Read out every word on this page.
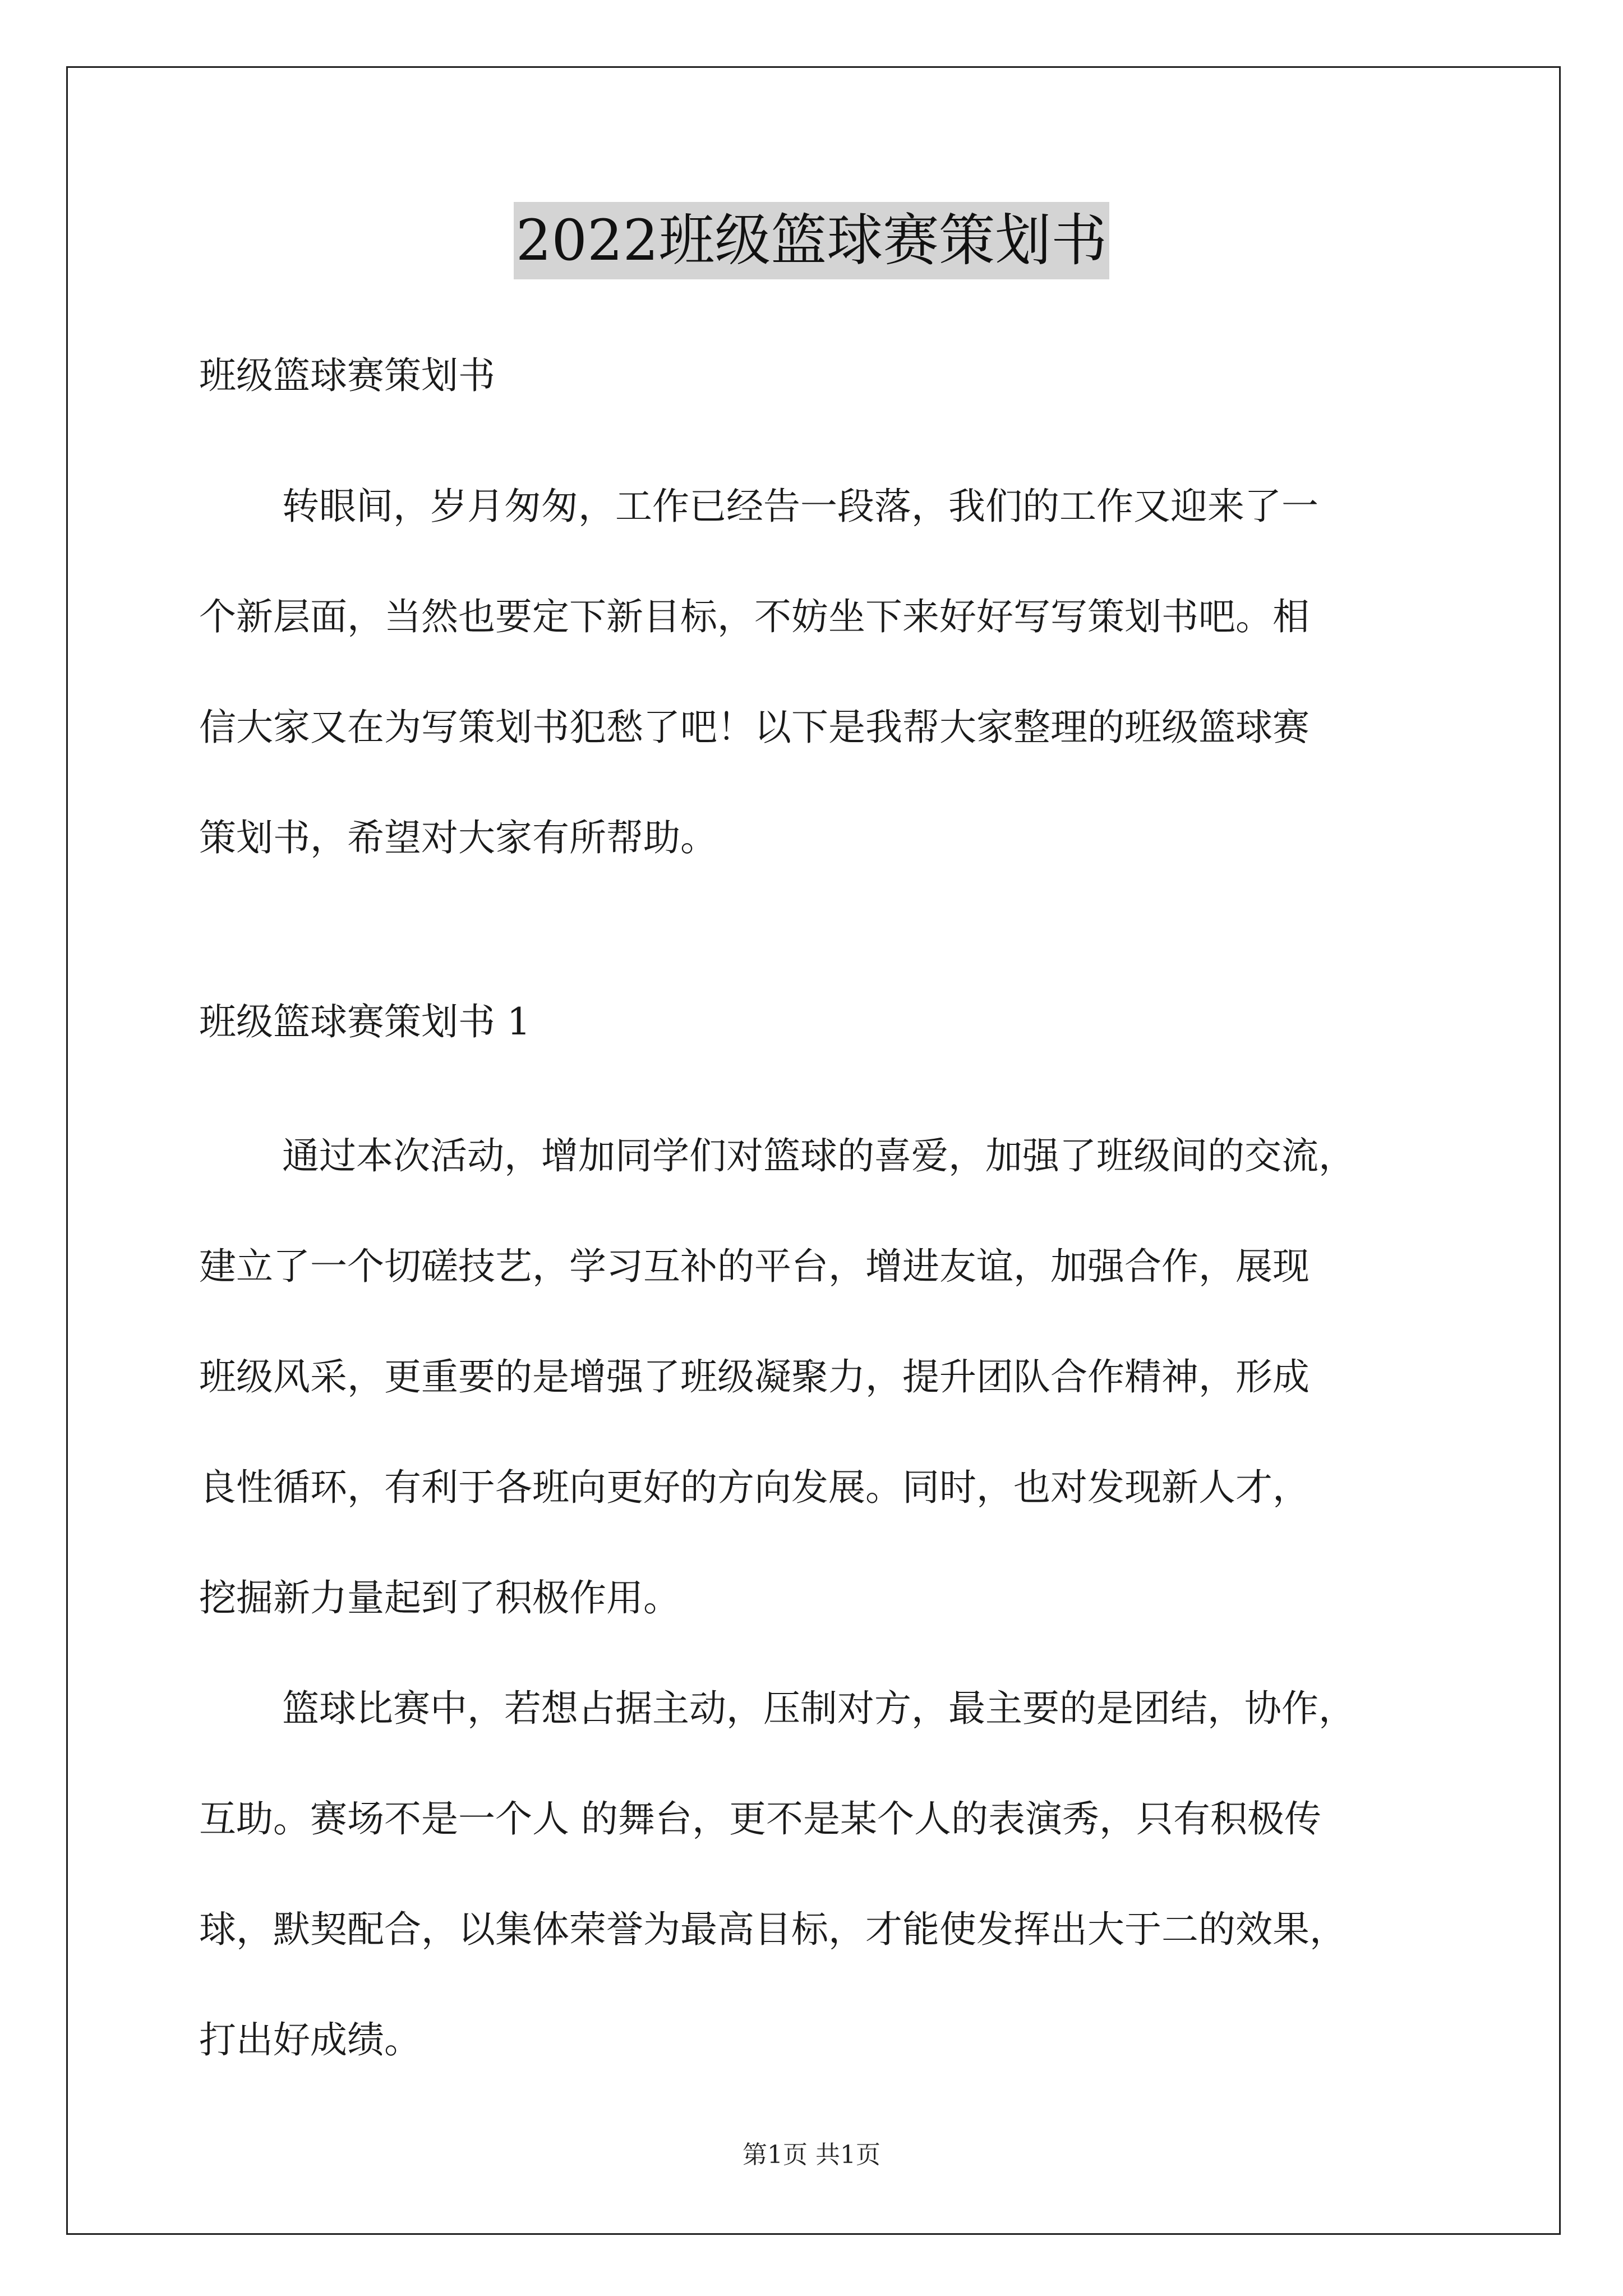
2022班级篮球赛策划书

班级篮球赛策划书

转眼间，岁月匆匆，工作已经告一段落，我们的工作又迎来了一

个新层面，当然也要定下新目标，不妨坐下来好好写写策划书吧。相

信大家又在为写策划书犯愁了吧！以下是我帮大家整理的班级篮球赛

策划书，希望对大家有所帮助。

班级篮球赛策划书 1

通过本次活动，增加同学们对篮球的喜爱，加强了班级间的交流，

建立了一个切磋技艺，学习互补的平台，增进友谊，加强合作，展现

班级风采，更重要的是增强了班级凝聚力，提升团队合作精神，形成

良性循环，有利于各班向更好的方向发展。同时，也对发现新人才，

挖掘新力量起到了积极作用。

篮球比赛中，若想占据主动，压制对方，最主要的是团结，协作，

互助。赛场不是一个人 的舞台，更不是某个人的表演秀，只有积极传

球，默契配合，以集体荣誉为最高目标，才能使发挥出大于二的效果，

打出好成绩。

第1页 共1页
